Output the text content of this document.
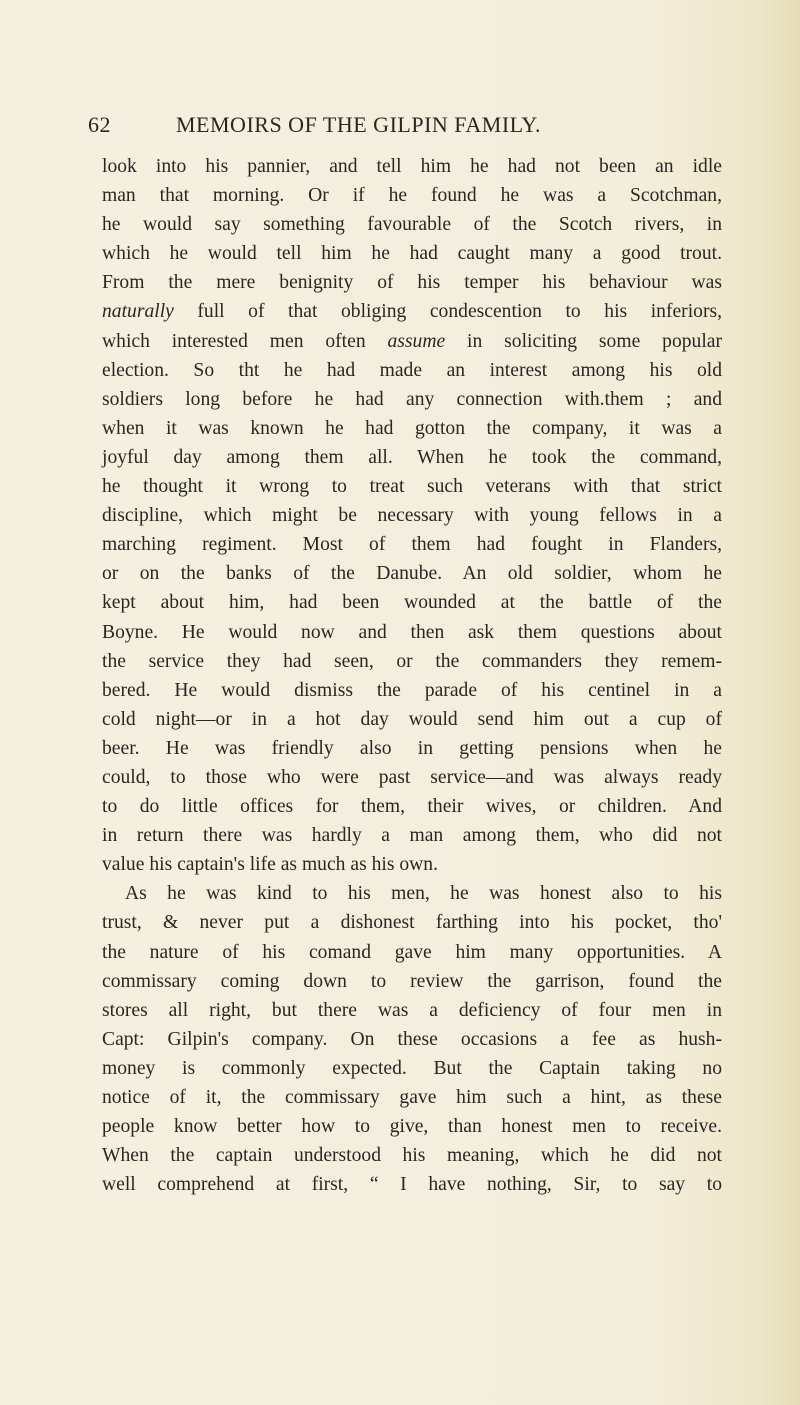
62	MEMOIRS OF THE GILPIN FAMILY.
look into his pannier, and tell him he had not been an idle
man that morning. Or if he found he was a Scotchman,
he would say something favourable of the Scotch rivers, in
which he would tell him he had caught many a good trout.
From the mere benignity of his temper his behaviour was
naturally full of that obliging condescention to his inferiors,
which interested men often assume in soliciting some popular
election. So tht he had made an interest among his old
soldiers long before he had any connection with.them ; and
when it was known he had gotton the company, it was a
joyful day among them all. When he took the command,
he thought it wrong to treat such veterans with that strict
discipline, which might be necessary with young fellows in a
marching regiment. Most of them had fought in Flanders,
or on the banks of the Danube. An old soldier, whom he
kept about him, had been wounded at the battle of the
Boyne. He would now and then ask them questions about
the service they had seen, or the commanders they remem-
bered. He would dismiss the parade of his centinel in a
cold night—or in a hot day would send him out a cup of
beer. He was friendly also in getting pensions when he
could, to those who were past service—and was always ready
to do little offices for them, their wives, or children. And
in return there was hardly a man among them, who did not
value his captain's life as much as his own.
As he was kind to his men, he was honest also to his
trust, & never put a dishonest farthing into his pocket, tho'
the nature of his comand gave him many opportunities. A
commissary coming down to review the garrison, found the
stores all right, but there was a deficiency of four men in
Capt: Gilpin's company. On these occasions a fee as hush-
money is commonly expected. But the Captain taking no
notice of it, the commissary gave him such a hint, as these
people know better how to give, than honest men to receive.
When the captain understood his meaning, which he did not
well comprehend at first, “ I have nothing, Sir, to say to
